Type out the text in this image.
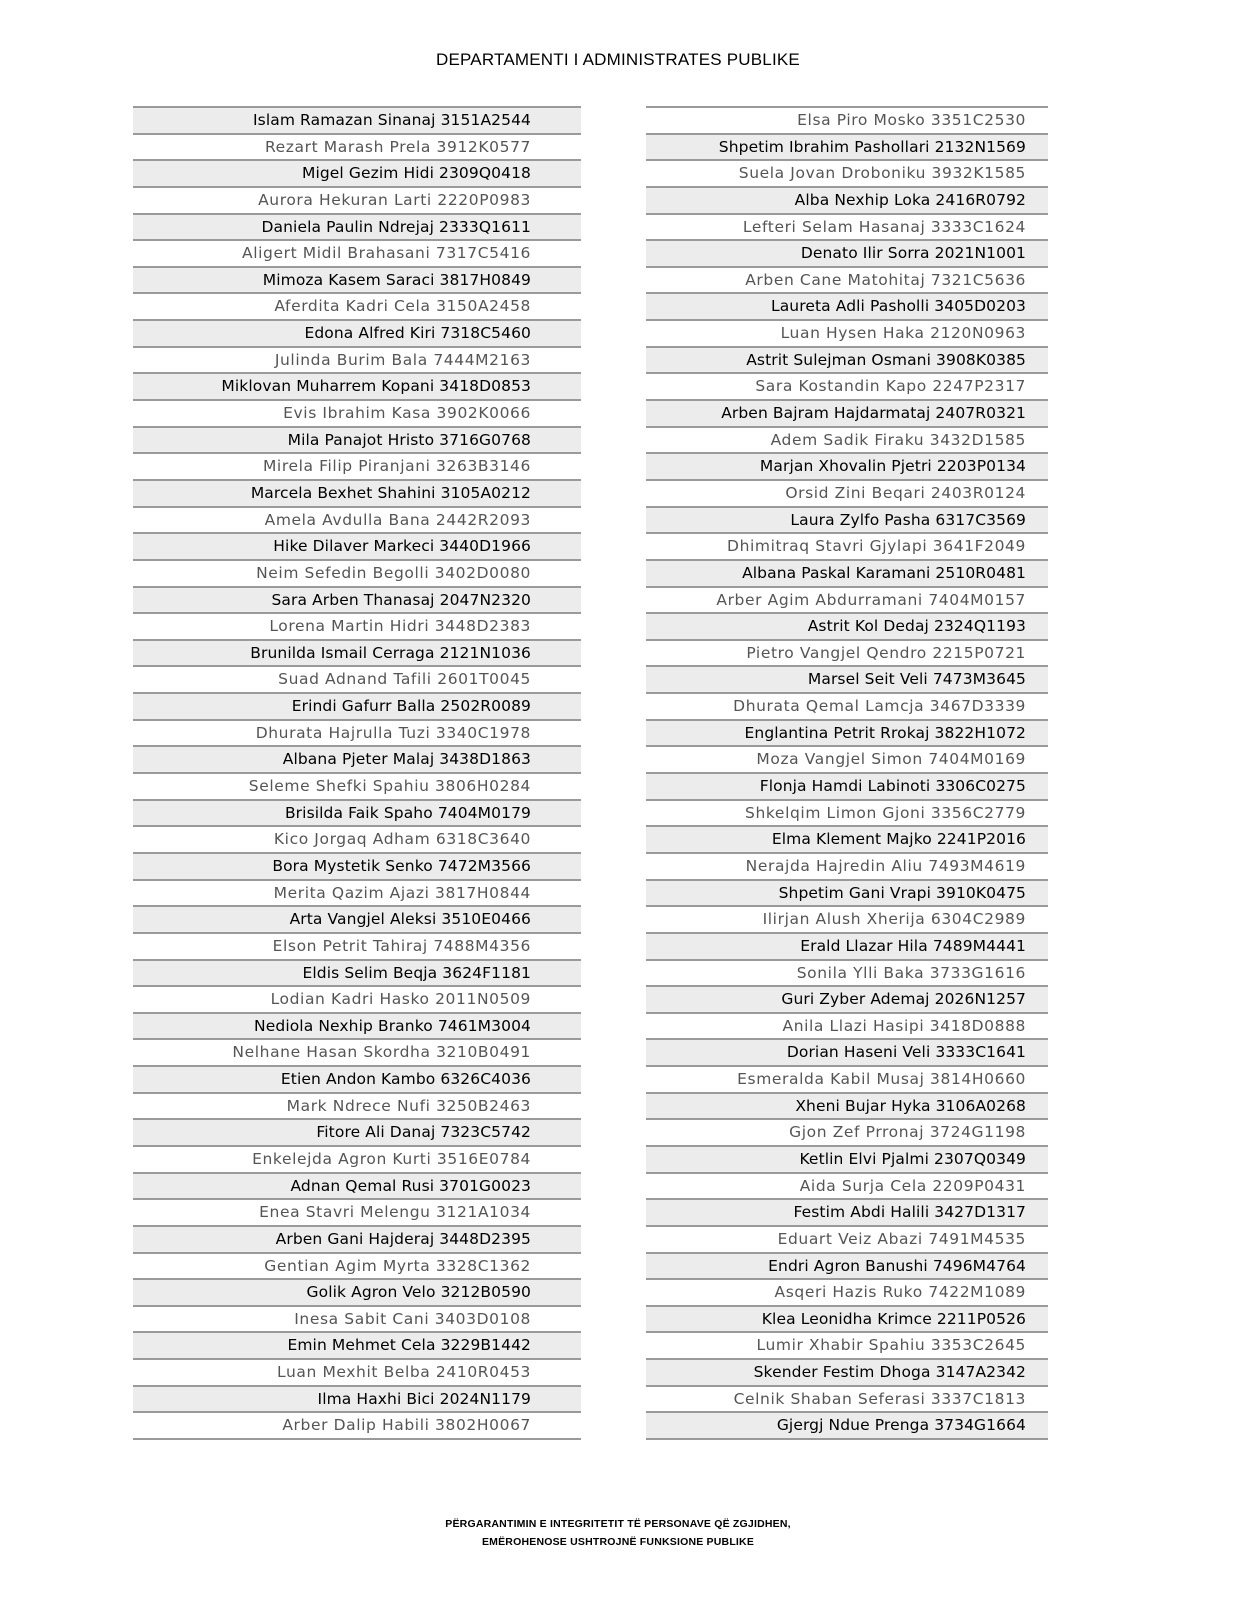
DEPARTAMENTI I ADMINISTRATES PUBLIKE
Islam Ramazan Sinanaj 3151A2544
Rezart Marash Prela 3912K0577
Migel Gezim Hidi 2309Q0418
Aurora Hekuran Larti 2220P0983
Daniela Paulin Ndrejaj 2333Q1611
Aligert Midil Brahasani 7317C5416
Mimoza Kasem Saraci 3817H0849
Aferdita Kadri Cela 3150A2458
Edona Alfred Kiri 7318C5460
Julinda Burim Bala 7444M2163
Miklovan Muharrem Kopani 3418D0853
Evis Ibrahim Kasa 3902K0066
Mila Panajot Hristo 3716G0768
Mirela Filip Piranjani 3263B3146
Marcela Bexhet Shahini 3105A0212
Amela Avdulla Bana 2442R2093
Hike Dilaver Markeci 3440D1966
Neim Sefedin Begolli 3402D0080
Sara Arben Thanasaj 2047N2320
Lorena Martin Hidri 3448D2383
Brunilda Ismail Cerraga 2121N1036
Suad Adnand Tafili 2601T0045
Erindi Gafurr Balla 2502R0089
Dhurata Hajrulla Tuzi 3340C1978
Albana Pjeter Malaj 3438D1863
Seleme Shefki Spahiu 3806H0284
Brisilda Faik Spaho 7404M0179
Kico Jorgaq Adham 6318C3640
Bora Mystetik Senko 7472M3566
Merita Qazim Ajazi 3817H0844
Arta Vangjel Aleksi 3510E0466
Elson Petrit Tahiraj 7488M4356
Eldis Selim Beqja 3624F1181
Lodian Kadri Hasko 2011N0509
Nediola Nexhip Branko 7461M3004
Nelhane Hasan Skordha 3210B0491
Etien Andon Kambo 6326C4036
Mark Ndrece Nufi 3250B2463
Fitore Ali Danaj 7323C5742
Enkelejda Agron Kurti 3516E0784
Adnan Qemal Rusi 3701G0023
Enea Stavri Melengu 3121A1034
Arben Gani Hajderaj 3448D2395
Gentian Agim Myrta 3328C1362
Golik Agron Velo 3212B0590
Inesa Sabit Cani 3403D0108
Emin Mehmet Cela 3229B1442
Luan Mexhit Belba 2410R0453
Ilma Haxhi Bici 2024N1179
Arber Dalip Habili 3802H0067
Elsa Piro Mosko 3351C2530
Shpetim Ibrahim Pashollari 2132N1569
Suela Jovan Droboniku 3932K1585
Alba Nexhip Loka 2416R0792
Lefteri Selam Hasanaj 3333C1624
Denato Ilir Sorra 2021N1001
Arben Cane Matohitaj 7321C5636
Laureta Adli Pasholli 3405D0203
Luan Hysen Haka 2120N0963
Astrit Sulejman Osmani 3908K0385
Sara Kostandin Kapo 2247P2317
Arben Bajram Hajdarmataj 2407R0321
Adem Sadik Firaku 3432D1585
Marjan Xhovalin Pjetri 2203P0134
Orsid Zini Beqari 2403R0124
Laura Zylfo Pasha 6317C3569
Dhimitraq Stavri Gjylapi 3641F2049
Albana Paskal Karamani 2510R0481
Arber Agim Abdurramani 7404M0157
Astrit Kol Dedaj 2324Q1193
Pietro Vangjel Qendro 2215P0721
Marsel Seit Veli 7473M3645
Dhurata Qemal Lamcja 3467D3339
Englantina Petrit Rrokaj 3822H1072
Moza Vangjel Simon 7404M0169
Flonja Hamdi Labinoti 3306C0275
Shkelqim Limon Gjoni 3356C2779
Elma Klement Majko 2241P2016
Nerajda Hajredin Aliu 7493M4619
Shpetim Gani Vrapi 3910K0475
Ilirjan Alush Xherija 6304C2989
Erald Llazar Hila 7489M4441
Sonila Ylli Baka 3733G1616
Guri Zyber Ademaj 2026N1257
Anila Llazi Hasipi 3418D0888
Dorian Haseni Veli 3333C1641
Esmeralda Kabil Musaj 3814H0660
Xheni Bujar Hyka 3106A0268
Gjon Zef Prronaj 3724G1198
Ketlin Elvi Pjalmi 2307Q0349
Aida Surja Cela 2209P0431
Festim Abdi Halili 3427D1317
Eduart Veiz Abazi 7491M4535
Endri Agron Banushi 7496M4764
Asqeri Hazis Ruko 7422M1089
Klea Leonidha Krimce 2211P0526
Lumir Xhabir Spahiu 3353C2645
Skender Festim Dhoga 3147A2342
Celnik Shaban Seferasi 3337C1813
Gjergj Ndue Prenga 3734G1664
PËRGARANTIMIN E INTEGRITETIT TË PERSONAVE QË ZGJIDHEN,
EMËROHENOSE USHTROJNË FUNKSIONE PUBLIKE
